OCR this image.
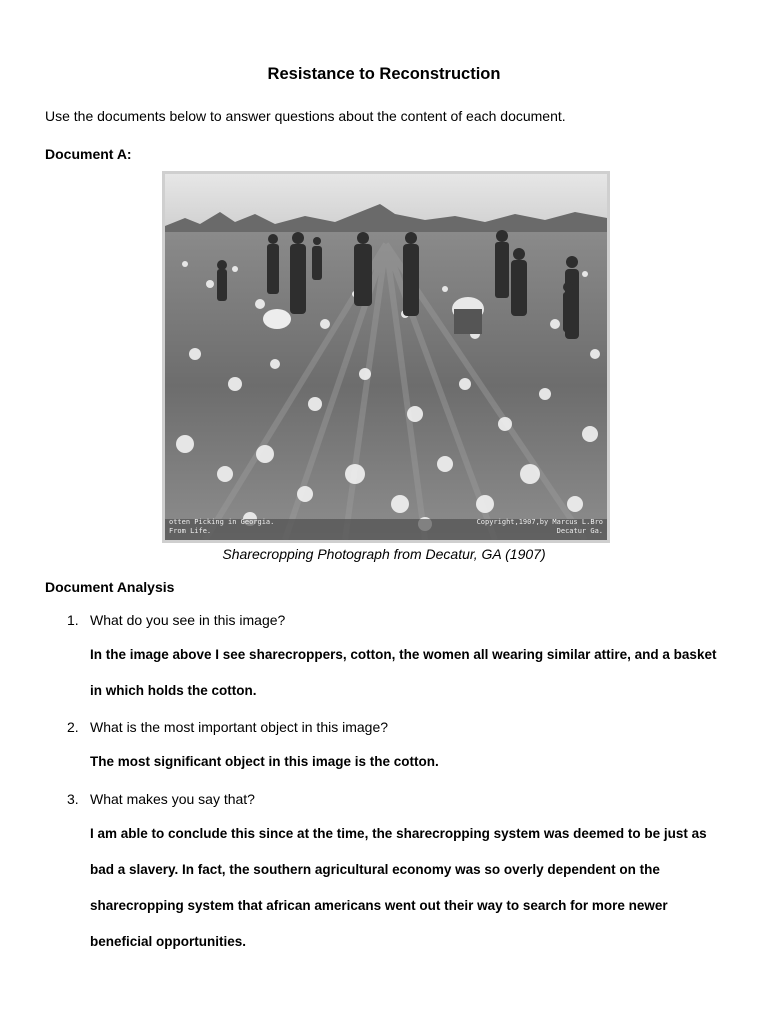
Resistance to Reconstruction
Use the documents below to answer questions about the content of each document.
Document A:
otten Picking in Georgia.
From Life.
Copyright,1907,by Marcus L.Bro
Decatur Ga.
Sharecropping Photograph from Decatur, GA (1907)
Document Analysis
1. What do you see in this image?
In the image above I see sharecroppers, cotton, the women all wearing similar attire, and a basket in which holds the cotton.
2. What is the most important object in this image?
The most significant object in this image is the cotton.
3. What makes you say that?
I am able to conclude this since at the time, the sharecropping system was deemed to be just as bad a slavery. In fact, the southern agricultural economy was so overly dependent on the sharecropping system that african americans went out their way to search for more newer beneficial opportunities.
